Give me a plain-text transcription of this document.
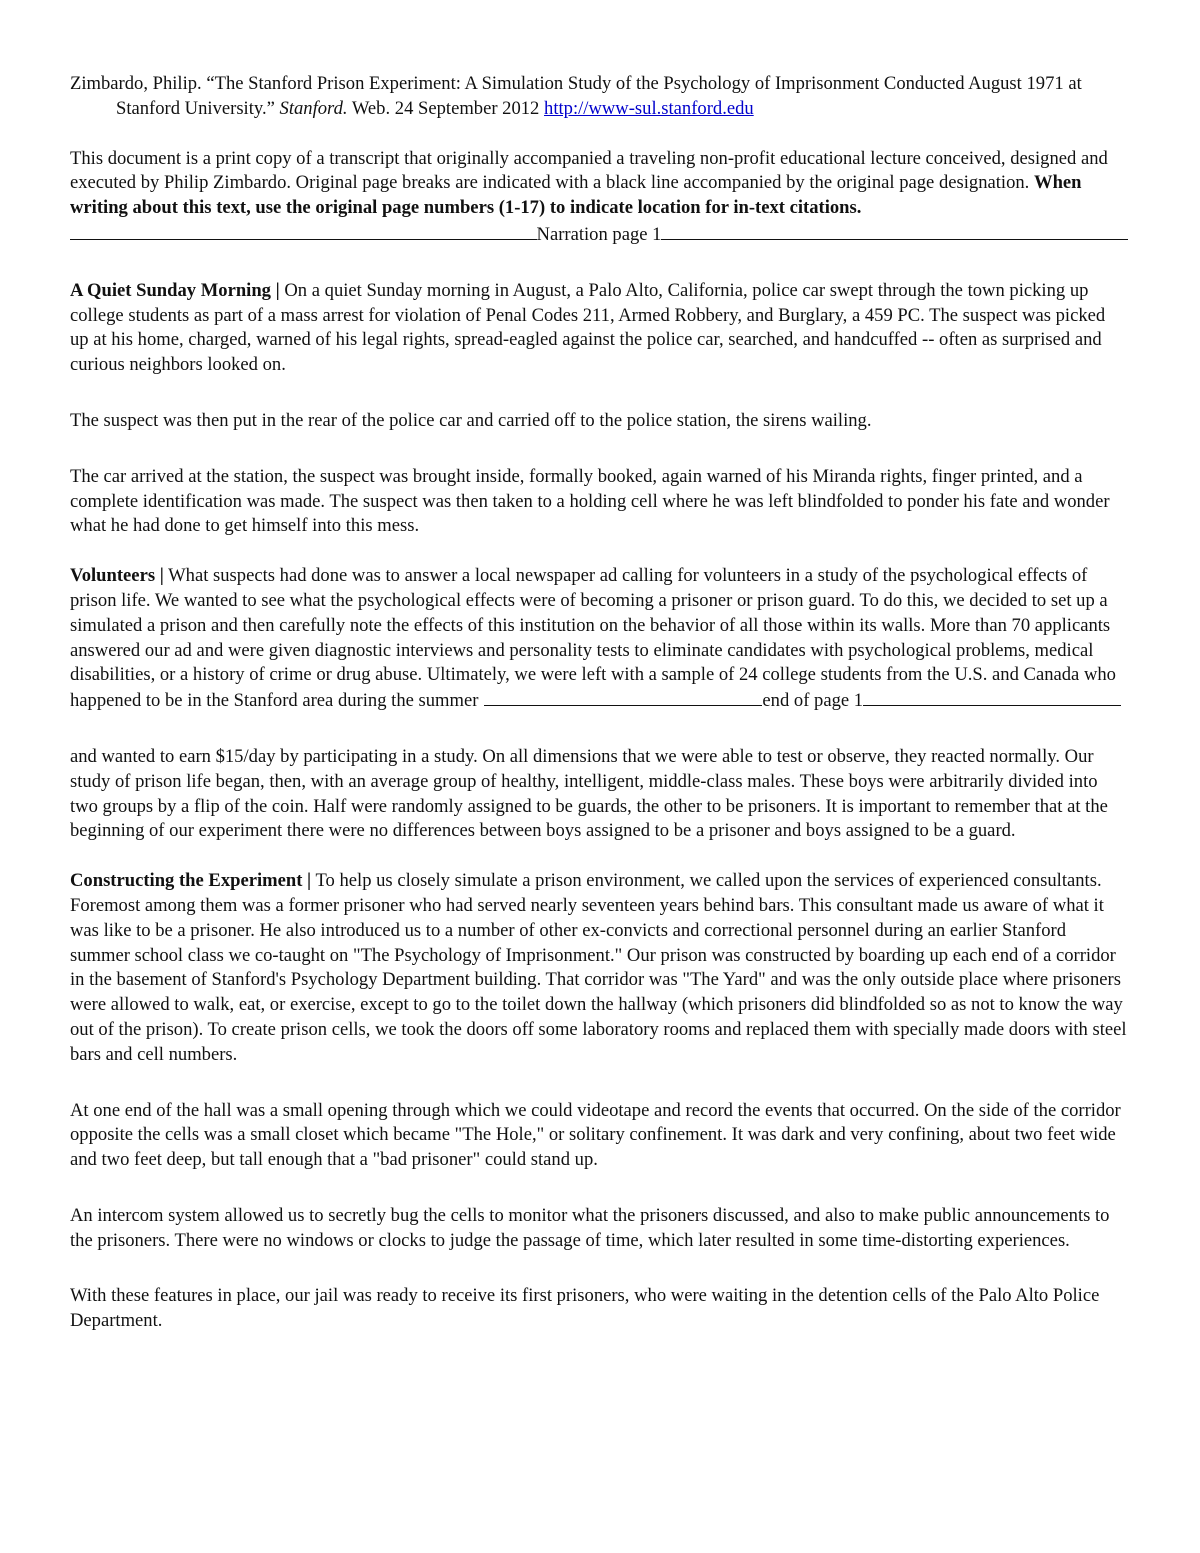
Zimbardo, Philip. “The Stanford Prison Experiment: A Simulation Study of the Psychology of Imprisonment Conducted August 1971 at Stanford University.” Stanford. Web. 24 September 2012 http://www-sul.stanford.edu

This document is a print copy of a transcript that originally accompanied a traveling non-profit educational lecture conceived, designed and executed by Philip Zimbardo. Original page breaks are indicated with a black line accompanied by the original page designation. When writing about this text, use the original page numbers (1-17) to indicate location for in-text citations.

Narration page 1

A Quiet Sunday Morning | On a quiet Sunday morning in August, a Palo Alto, California, police car swept through the town picking up college students as part of a mass arrest for violation of Penal Codes 211, Armed Robbery, and Burglary, a 459 PC. The suspect was picked up at his home, charged, warned of his legal rights, spread-eagled against the police car, searched, and handcuffed -- often as surprised and curious neighbors looked on.

The suspect was then put in the rear of the police car and carried off to the police station, the sirens wailing.

The car arrived at the station, the suspect was brought inside, formally booked, again warned of his Miranda rights, finger printed, and a complete identification was made. The suspect was then taken to a holding cell where he was left blindfolded to ponder his fate and wonder what he had done to get himself into this mess.

Volunteers | What suspects had done was to answer a local newspaper ad calling for volunteers in a study of the psychological effects of prison life. We wanted to see what the psychological effects were of becoming a prisoner or prison guard. To do this, we decided to set up a simulated a prison and then carefully note the effects of this institution on the behavior of all those within its walls. More than 70 applicants answered our ad and were given diagnostic interviews and personality tests to eliminate candidates with psychological problems, medical disabilities, or a history of crime or drug abuse. Ultimately, we were left with a sample of 24 college students from the U.S. and Canada who happened to be in the Stanford area during the summer	end of page 1

and wanted to earn $15/day by participating in a study. On all dimensions that we were able to test or observe, they reacted normally. Our study of prison life began, then, with an average group of healthy, intelligent, middle-class males. These boys were arbitrarily divided into two groups by a flip of the coin. Half were randomly assigned to be guards, the other to be prisoners. It is important to remember that at the beginning of our experiment there were no differences between boys assigned to be a prisoner and boys assigned to be a guard.

Constructing the Experiment | To help us closely simulate a prison environment, we called upon the services of experienced consultants. Foremost among them was a former prisoner who had served nearly seventeen years behind bars. This consultant made us aware of what it was like to be a prisoner. He also introduced us to a number of other ex-convicts and correctional personnel during an earlier Stanford summer school class we co-taught on "The Psychology of Imprisonment." Our prison was constructed by boarding up each end of a corridor in the basement of Stanford's Psychology Department building. That corridor was "The Yard" and was the only outside place where prisoners were allowed to walk, eat, or exercise, except to go to the toilet down the hallway (which prisoners did blindfolded so as not to know the way out of the prison). To create prison cells, we took the doors off some laboratory rooms and replaced them with specially made doors with steel bars and cell numbers.

At one end of the hall was a small opening through which we could videotape and record the events that occurred. On the side of the corridor opposite the cells was a small closet which became "The Hole," or solitary confinement. It was dark and very confining, about two feet wide and two feet deep, but tall enough that a "bad prisoner" could stand up.

An intercom system allowed us to secretly bug the cells to monitor what the prisoners discussed, and also to make public announcements to the prisoners. There were no windows or clocks to judge the passage of time, which later resulted in some time-distorting experiences.

With these features in place, our jail was ready to receive its first prisoners, who were waiting in the detention cells of the Palo Alto Police Department.
